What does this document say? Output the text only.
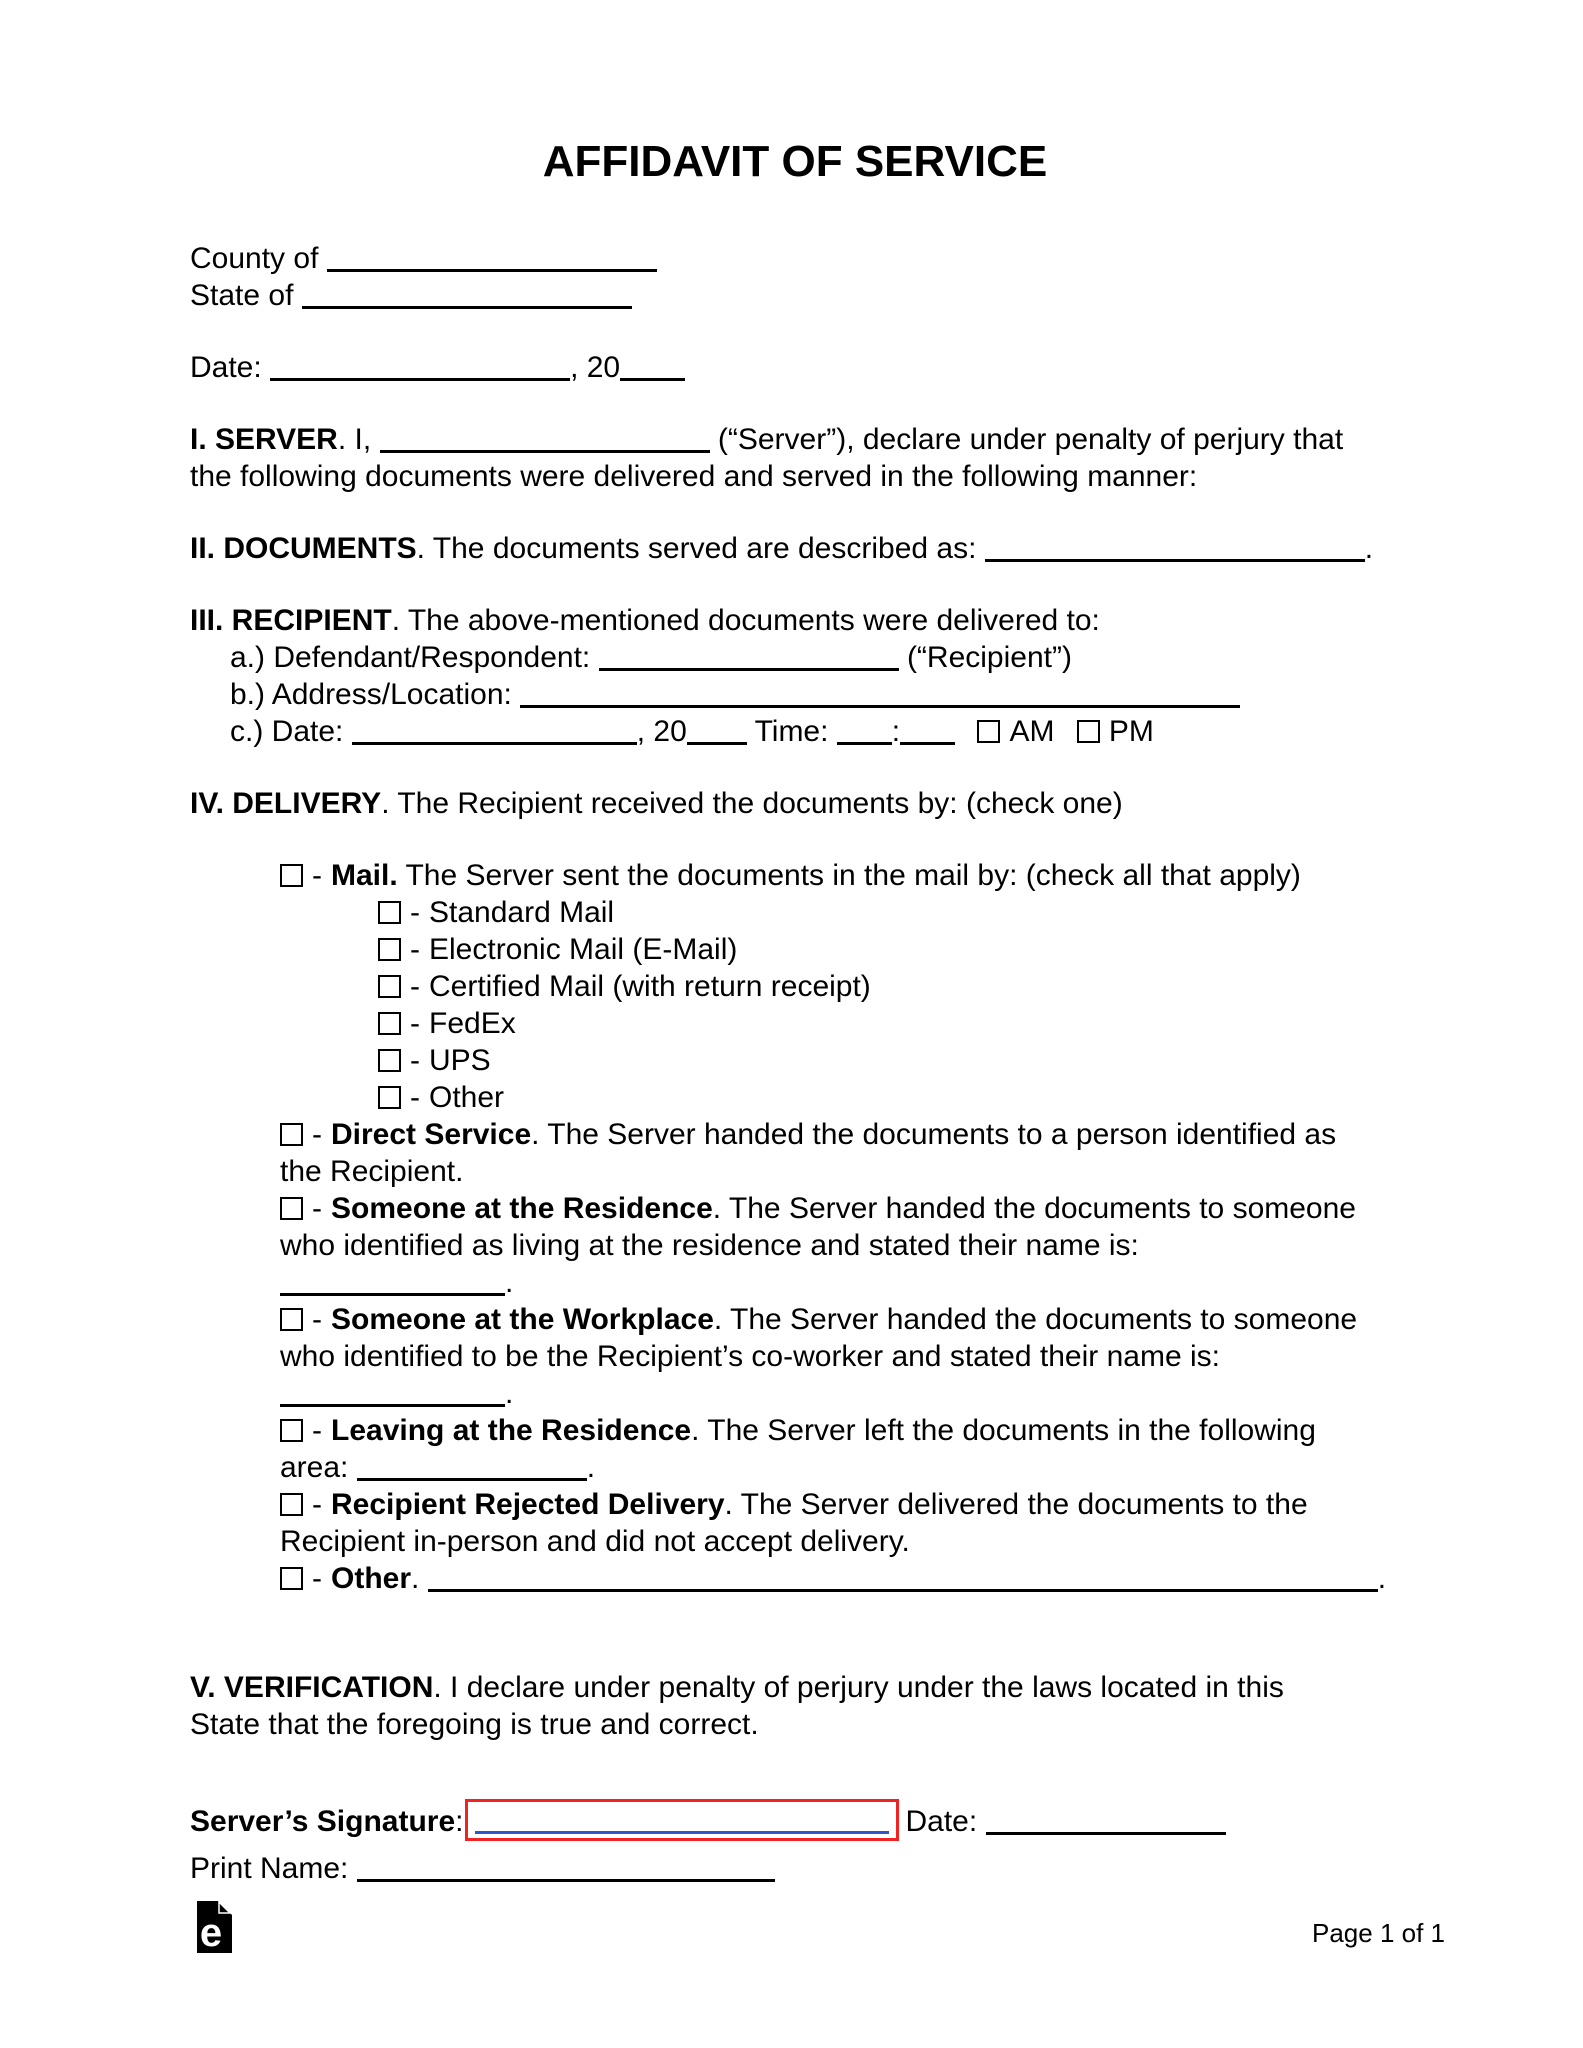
AFFIDAVIT OF SERVICE
County of
State of
Date:	, 20
I. SERVER. I,	(“Server”), declare under penalty of perjury that
the following documents were delivered and served in the following manner:
II. DOCUMENTS. The documents served are described as:	.
III. RECIPIENT. The above-mentioned documents were delivered to:
a.) Defendant/Respondent:	(“Recipient”)
b.) Address/Location:
c.) Date:	, 20 Time: :	AM PM
IV. DELIVERY. The Recipient received the documents by: (check one)
- Mail. The Server sent the documents in the mail by: (check all that apply)
- Standard Mail
- Electronic Mail (E-Mail)
- Certified Mail (with return receipt)
- FedEx
- UPS
- Other
- Direct Service. The Server handed the documents to a person identified as
the Recipient.
- Someone at the Residence. The Server handed the documents to someone
who identified as living at the residence and stated their name is:
.
- Someone at the Workplace. The Server handed the documents to someone
who identified to be the Recipient’s co-worker and stated their name is:
.
- Leaving at the Residence. The Server left the documents in the following
area:	.
- Recipient Rejected Delivery. The Server delivered the documents to the
Recipient in-person and did not accept delivery.
- Other.	.
V. VERIFICATION. I declare under penalty of perjury under the laws located in this
State that the foregoing is true and correct.
Server’s Signature:	Date:
Print Name:
e	Page 1 of 1
